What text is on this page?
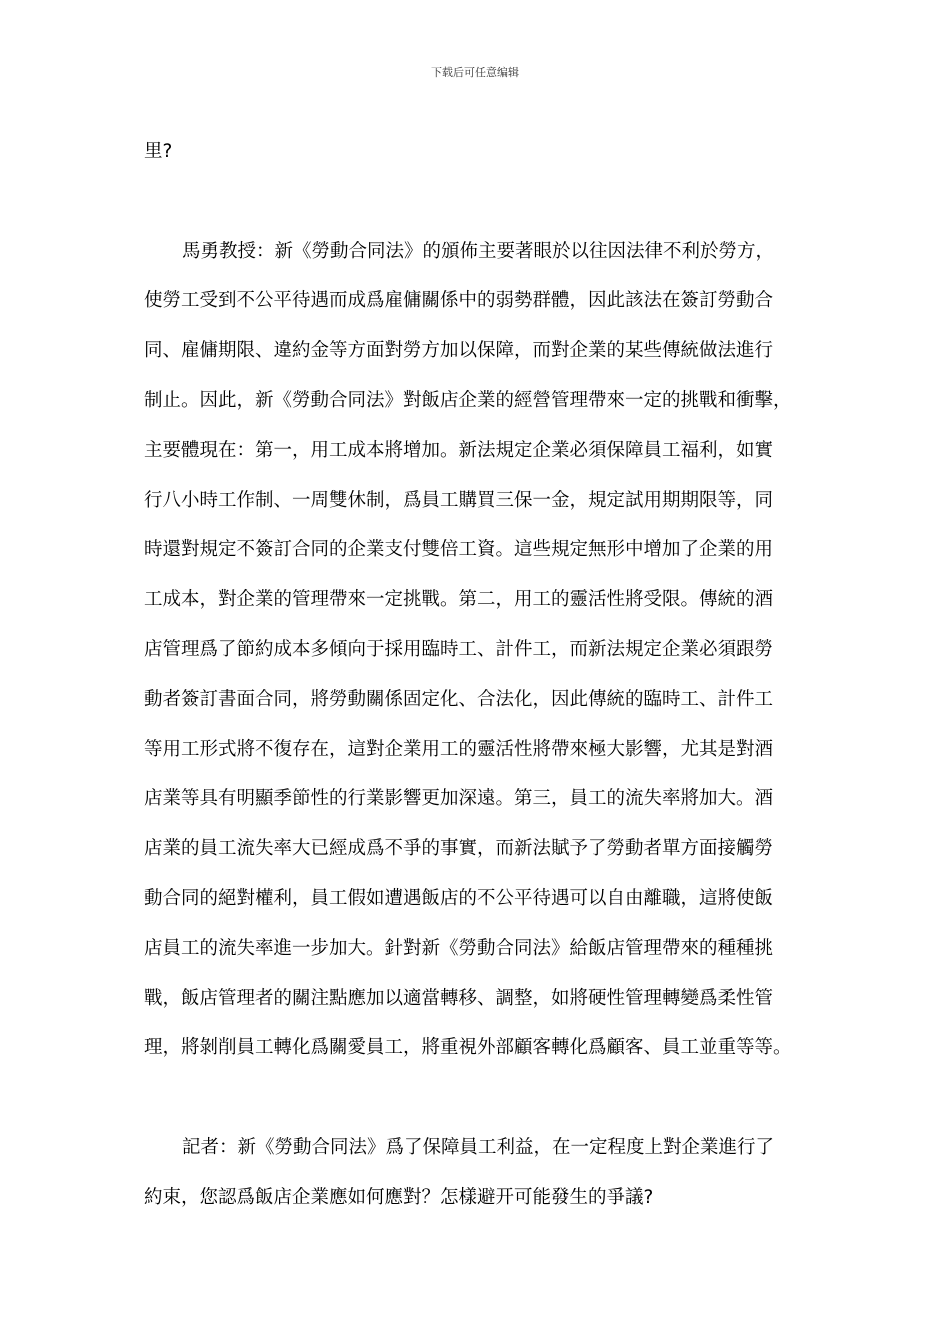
下载后可任意编辑
里?
馬勇教授：新《勞動合同法》的頒佈主要著眼於以往因法律不利於勞方，
使勞工受到不公平待遇而成爲雇傭關係中的弱勢群體，因此該法在簽訂勞動合
同、雇傭期限、違約金等方面對勞方加以保障，而對企業的某些傳統做法進行
制止。因此，新《勞動合同法》對飯店企業的經營管理帶來一定的挑戰和衝擊，
主要體現在：第一，用工成本將增加。新法規定企業必須保障員工福利，如實
行八小時工作制、一周雙休制，爲員工購買三保一金，規定試用期期限等，同
時還對規定不簽訂合同的企業支付雙倍工資。這些規定無形中增加了企業的用
工成本，對企業的管理帶來一定挑戰。第二，用工的靈活性將受限。傳統的酒
店管理爲了節約成本多傾向于採用臨時工、計件工，而新法規定企業必須跟勞
動者簽訂書面合同，將勞動關係固定化、合法化，因此傳統的臨時工、計件工
等用工形式將不復存在，這對企業用工的靈活性將帶來極大影響，尤其是對酒
店業等具有明顯季節性的行業影響更加深遠。第三，員工的流失率將加大。酒
店業的員工流失率大已經成爲不爭的事實，而新法賦予了勞動者單方面接觸勞
動合同的絕對權利，員工假如遭遇飯店的不公平待遇可以自由離職，這將使飯
店員工的流失率進一步加大。針對新《勞動合同法》給飯店管理帶來的種種挑
戰，飯店管理者的關注點應加以適當轉移、調整，如將硬性管理轉變爲柔性管
理，將剝削員工轉化爲關愛員工，將重視外部顧客轉化爲顧客、員工並重等等。
記者：新《勞動合同法》爲了保障員工利益，在一定程度上對企業進行了
約束，您認爲飯店企業應如何應對？怎樣避开可能發生的爭議?
